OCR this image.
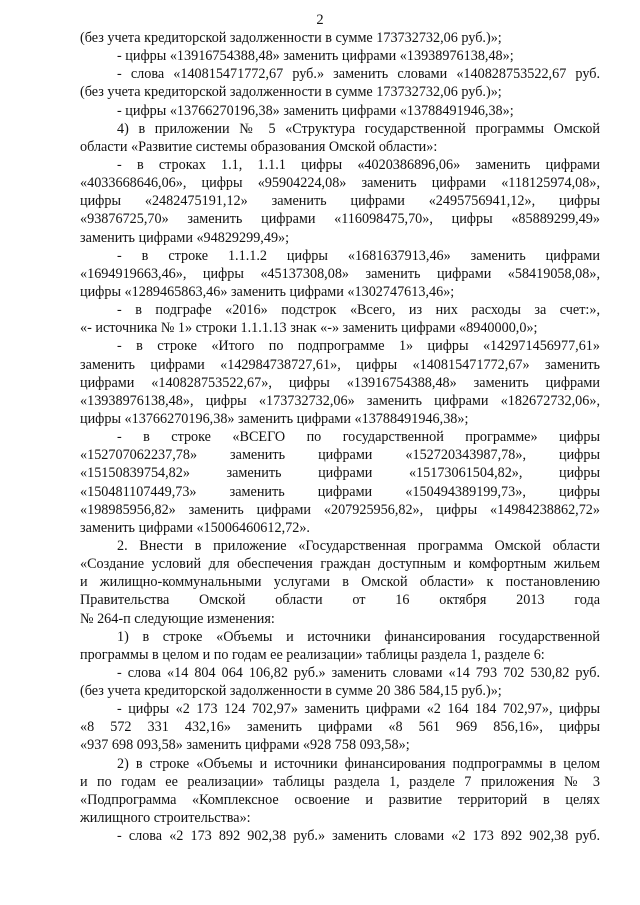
2
(без учета кредиторской задолженности в сумме 173732732,06 руб.)»;
- цифры «13916754388,48» заменить цифрами «13938976138,48»;
- слова «140815471772,67 руб.» заменить словами «140828753522,67 руб.
(без учета кредиторской задолженности в сумме 173732732,06 руб.)»;
- цифры «13766270196,38» заменить цифрами «13788491946,38»;
4) в приложении № 5 «Структура государственной программы Омской
области «Развитие системы образования Омской области»:
- в строках 1.1, 1.1.1 цифры «4020386896,06» заменить цифрами
«4033668646,06», цифры «95904224,08» заменить цифрами «118125974,08»,
цифры «2482475191,12» заменить цифрами «2495756941,12», цифры
«93876725,70» заменить цифрами «116098475,70», цифры «85889299,49»
заменить цифрами «94829299,49»;
- в строке 1.1.1.2 цифры «1681637913,46» заменить цифрами
«1694919663,46», цифры «45137308,08» заменить цифрами «58419058,08»,
цифры «1289465863,46» заменить цифрами «1302747613,46»;
- в подграфе «2016» подстрок «Всего, из них расходы за счет:»,
«- источника № 1» строки 1.1.1.13 знак «-» заменить цифрами «8940000,0»;
- в строке «Итого по подпрограмме 1» цифры «142971456977,61»
заменить цифрами «142984738727,61», цифры «140815471772,67» заменить
цифрами «140828753522,67», цифры «13916754388,48» заменить цифрами
«13938976138,48», цифры «173732732,06» заменить цифрами «182672732,06»,
цифры «13766270196,38» заменить цифрами «13788491946,38»;
- в строке «ВСЕГО по государственной программе» цифры
«152707062237,78» заменить цифрами «152720343987,78», цифры
«15150839754,82» заменить цифрами «15173061504,82», цифры
«150481107449,73» заменить цифрами «150494389199,73», цифры
«198985956,82» заменить цифрами «207925956,82», цифры «14984238862,72»
заменить цифрами «15006460612,72».
2. Внести в приложение «Государственная программа Омской области
«Создание условий для обеспечения граждан доступным и комфортным жильем
и жилищно-коммунальными услугами в Омской области» к постановлению
Правительства Омской области от 16 октября 2013 года
№ 264-п следующие изменения:
1) в строке «Объемы и источники финансирования государственной
программы в целом и по годам ее реализации» таблицы раздела 1, разделе 6:
- слова «14 804 064 106,82 руб.» заменить словами «14 793 702 530,82 руб.
(без учета кредиторской задолженности в сумме 20 386 584,15 руб.)»;
- цифры «2 173 124 702,97» заменить цифрами «2 164 184 702,97», цифры
«8 572 331 432,16» заменить цифрами «8 561 969 856,16», цифры
«937 698 093,58» заменить цифрами «928 758 093,58»;
2) в строке «Объемы и источники финансирования подпрограммы в целом
и по годам ее реализации» таблицы раздела 1, разделе 7 приложения № 3
«Подпрограмма «Комплексное освоение и развитие территорий в целях
жилищного строительства»:
- слова «2 173 892 902,38 руб.» заменить словами «2 173 892 902,38 руб.
